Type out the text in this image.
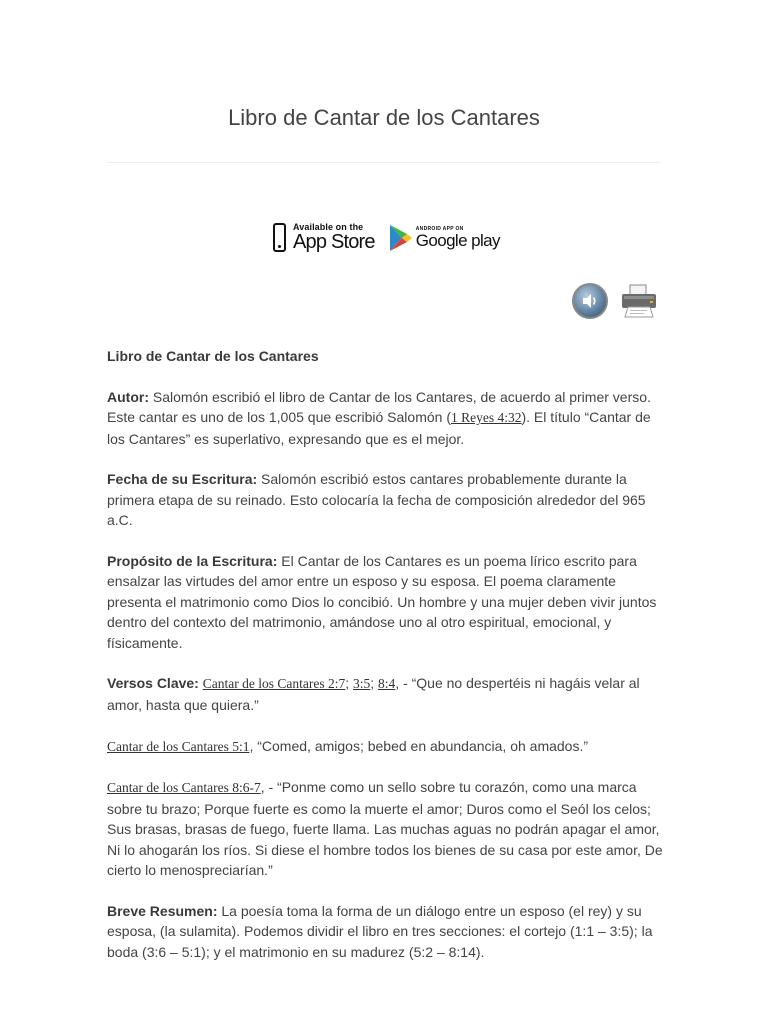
Libro de Cantar de los Cantares
Available on the
App Store
ANDROID APP ON
Google play

Libro de Cantar de los Cantares

Autor: Salomón escribió el libro de Cantar de los Cantares, de acuerdo al primer verso. Este cantar es uno de los 1,005 que escribió Salomón (1 Reyes 4:32). El título “Cantar de los Cantares” es superlativo, expresando que es el mejor.

Fecha de su Escritura: Salomón escribió estos cantares probablemente durante la primera etapa de su reinado. Esto colocaría la fecha de composición alrededor del 965 a.C.

Propósito de la Escritura: El Cantar de los Cantares es un poema lírico escrito para ensalzar las virtudes del amor entre un esposo y su esposa. El poema claramente presenta el matrimonio como Dios lo concibió. Un hombre y una mujer deben vivir juntos dentro del contexto del matrimonio, amándose uno al otro espiritual, emocional, y físicamente.

Versos Clave: Cantar de los Cantares 2:7; 3:5; 8:4, - “Que no despertéis ni hagáis velar al amor, hasta que quiera.”

Cantar de los Cantares 5:1, “Comed, amigos; bebed en abundancia, oh amados.”

Cantar de los Cantares 8:6-7, - “Ponme como un sello sobre tu corazón, como una marca sobre tu brazo; Porque fuerte es como la muerte el amor; Duros como el Seól los celos; Sus brasas, brasas de fuego, fuerte llama. Las muchas aguas no podrán apagar el amor, Ni lo ahogarán los ríos. Si diese el hombre todos los bienes de su casa por este amor, De cierto lo menospreciarían.”

Breve Resumen: La poesía toma la forma de un diálogo entre un esposo (el rey) y su esposa, (la sulamita). Podemos dividir el libro en tres secciones: el cortejo (1:1 – 3:5); la boda (3:6 – 5:1); y el matrimonio en su madurez (5:2 – 8:14).
